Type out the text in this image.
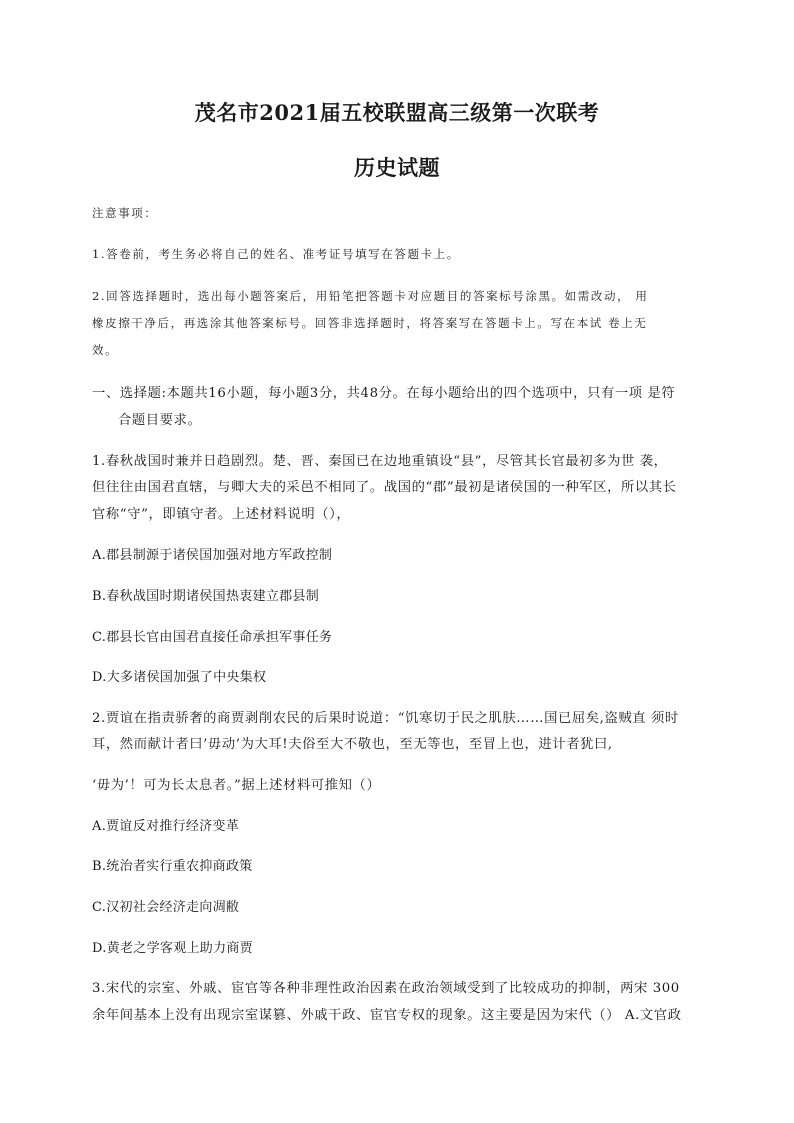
茂名市2021届五校联盟高三级第一次联考
历史试题
注意事项：
1.答卷前，考生务必将自己的姓名、准考证号填写在答题卡上。
2.回答选择题时，选出每小题答案后，用铅笔把答题卡对应题目的答案标号涂黑。如需改动， 用
橡皮擦干净后，再选涂其他答案标号。回答非选择题时，将答案写在答题卡上。写在本试 卷上无
效。
一、选择题:本题共16小题，每小题3分，共48分。在每小题给出的四个选项中，只有一项 是符
合题目要求。
1.春秋战国时兼并日趋剧烈。楚、晋、秦国已在边地重镇设“县”，尽管其长官最初多为世 袭，
但往往由国君直辖，与卿大夫的采邑不相同了。战国的“郡”最初是诸侯国的一种军区，所以其长
官称“守”，即镇守者。上述材料说明（），
A.郡县制源于诸侯国加强对地方军政控制
B.春秋战国时期诸侯国热衷建立郡县制
C.郡县长官由国君直接任命承担军事任务
D.大多诸侯国加强了中央集权
2.贾谊在指责骄奢的商贾剥削农民的后果时说道：“饥寒切于民之肌肤……国已屈矣,盗贼直 须时
耳，然而献计者曰’毋动’为大耳!夫俗至大不敬也，至无等也，至冒上也，进计者犹曰,
‘毋为’！可为长太息者。”据上述材料可推知（）
A.贾谊反对推行经济变革
B.统治者实行重农抑商政策
C.汉初社会经济走向凋敝
D.黄老之学客观上助力商贾
3.宋代的宗室、外戚、宦官等各种非理性政治因素在政治领域受到了比较成功的抑制，两宋 300
余年间基本上没有出现宗室谋篡、外戚干政、宦官专权的现象。这主要是因为宋代（） A.文官政
